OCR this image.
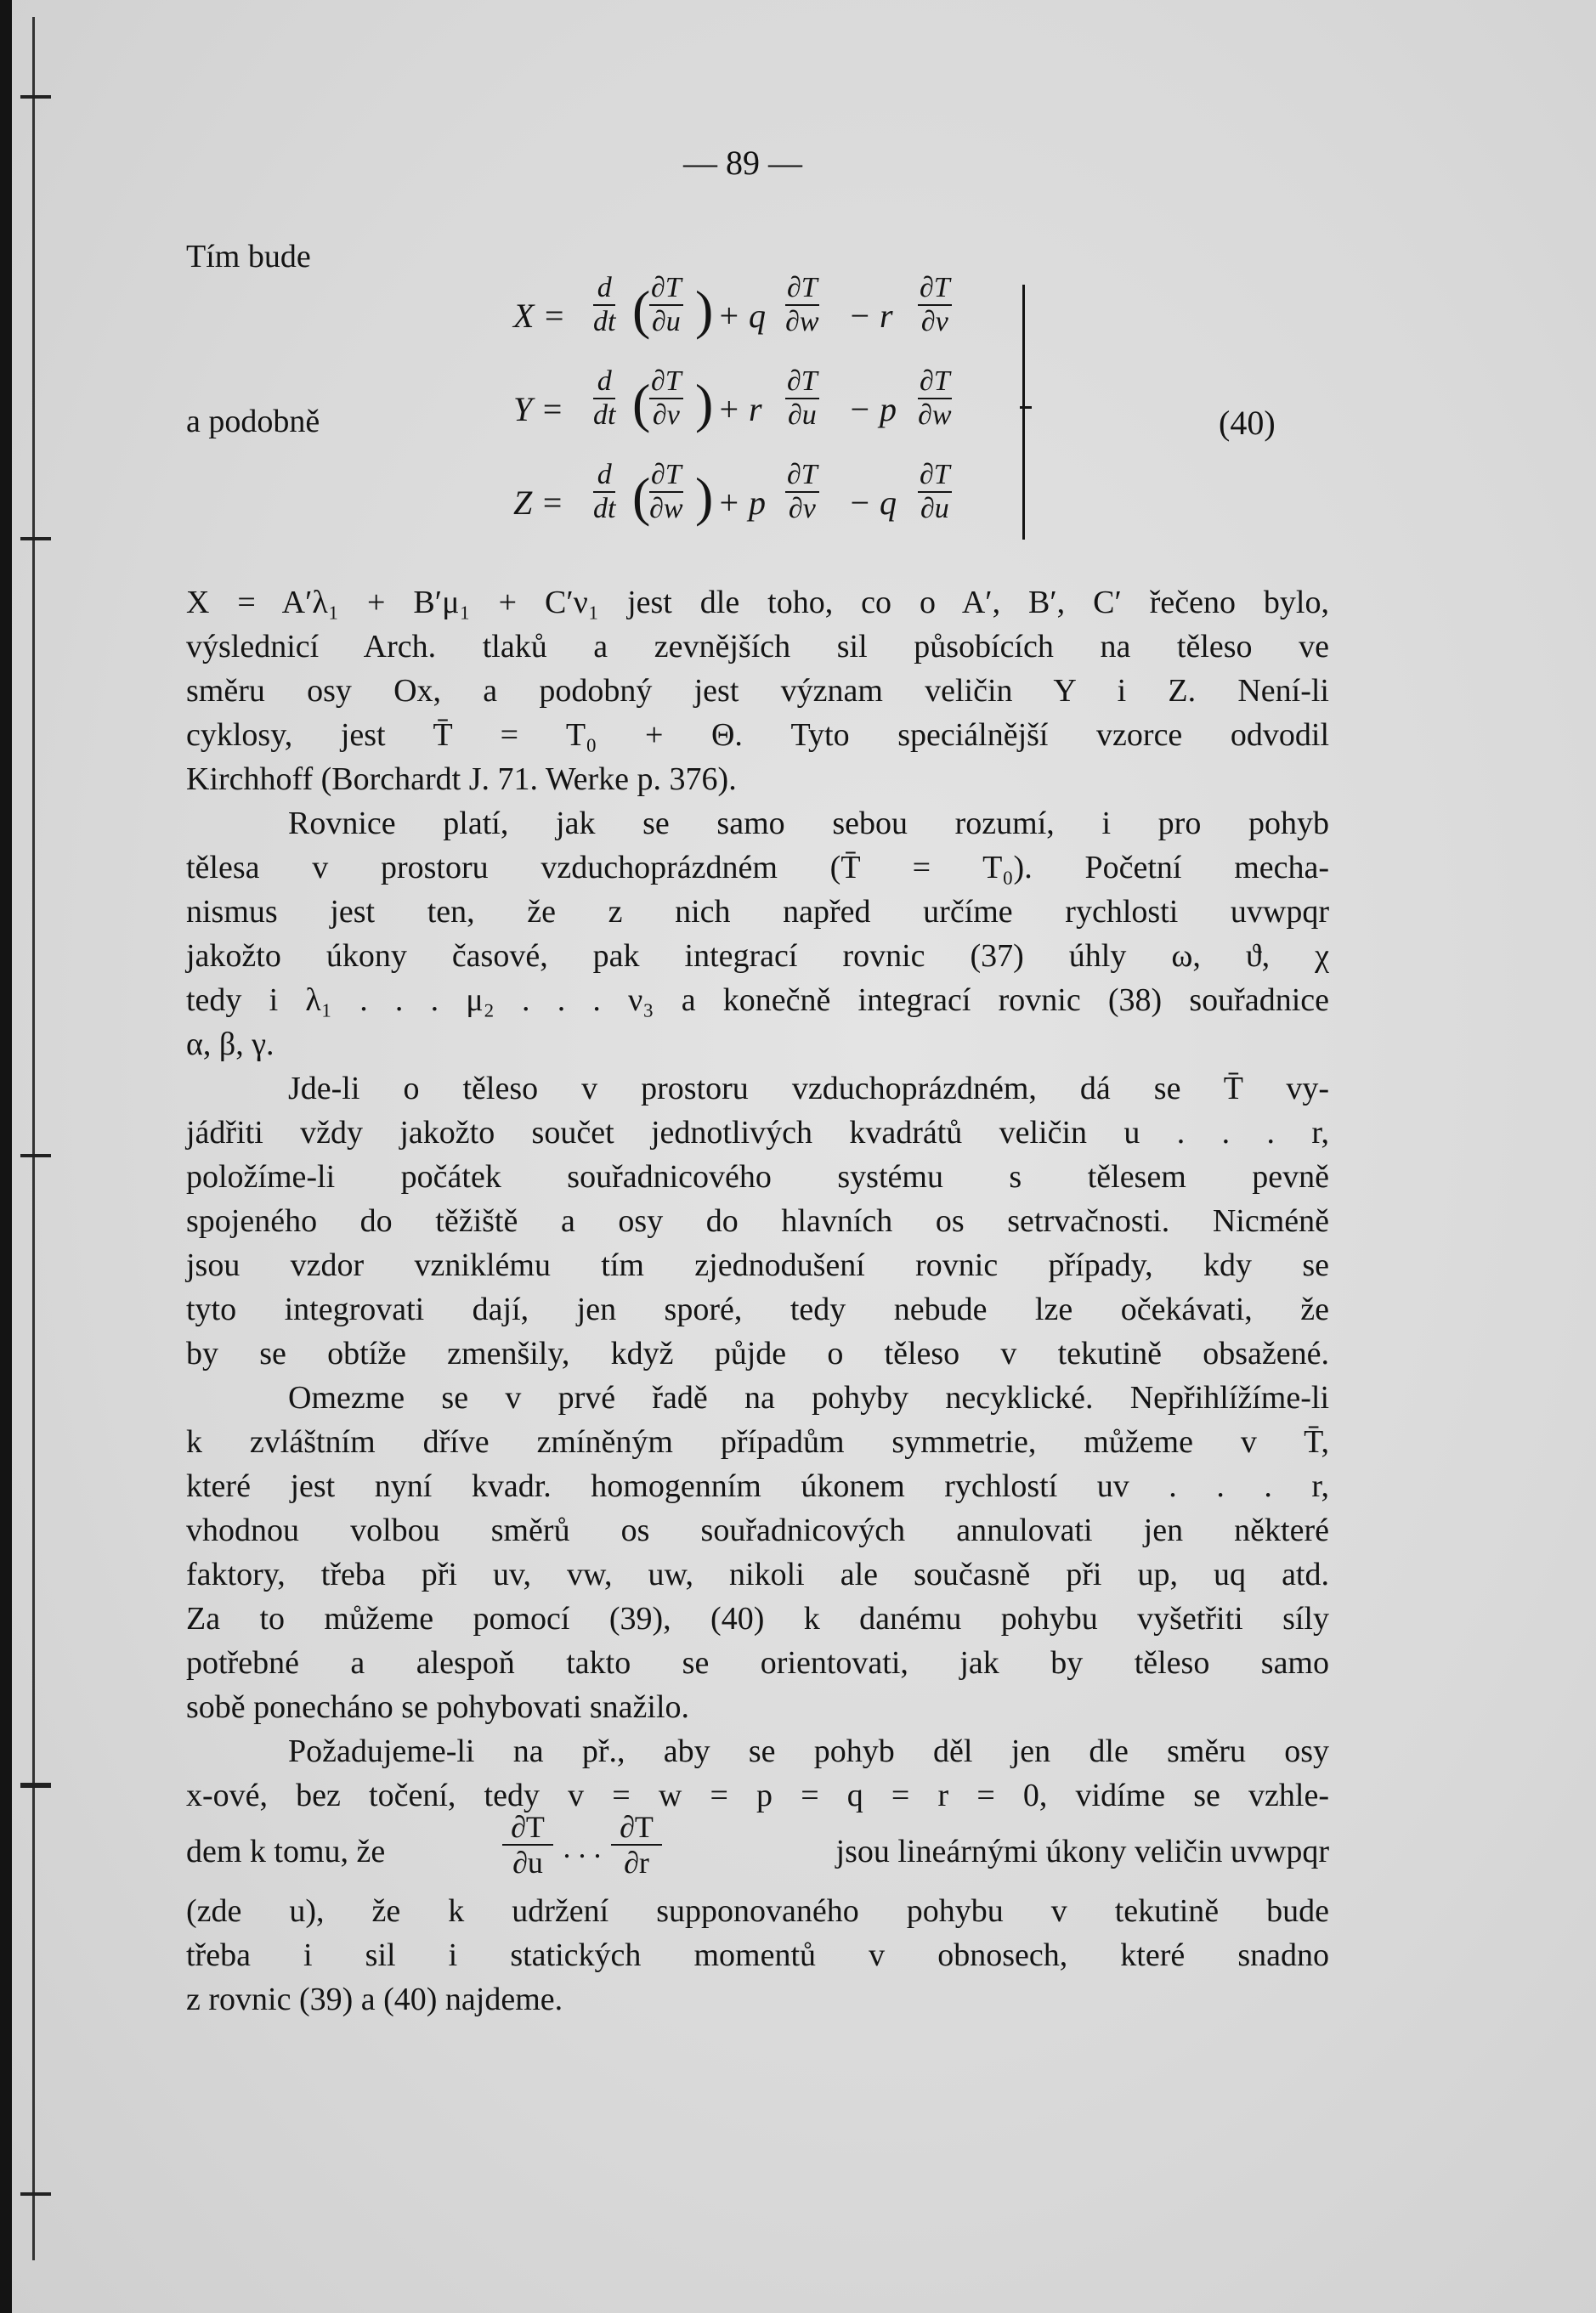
— 89 —
Tím bude
a podobně
$X = \frac{d}{dt}$ (
$\frac{\partial T}{\partial u}$ ) + q $\frac{\partial T}{\partial w} - r \frac{\partial T}{\partial v}$
$Y = \frac{d}{dt}$ (
$\frac{\partial T}{\partial v}$ ) + r $\frac{\partial T}{\partial u} - p \frac{\partial T}{\partial w}$
$Z = \frac{d}{dt}$ (
$\frac{\partial T}{\partial w}$ ) + p $\frac{\partial T}{\partial v} - q \frac{\partial T}{\partial u}$
(40)
X = A′λ₁ + B′μ₁ + C′ν₁ jest dle toho, co o A′, B′, C′ řečeno bylo,
výslednicí Arch. tlaků a zevnějších sil působících na těleso ve
směru osy Ox, a podobný jest význam veličin Y i Z. Není-li
cyklosy, jest T̄ = T₀ + Θ. Tyto speciálnější vzorce odvodil
Kirchhoff (Borchardt J. 71. Werke p. 376).
Rovnice platí, jak se samo sebou rozumí, i pro pohyb
tělesa v prostoru vzduchoprázdném (T̄ = T₀). Početní mecha-
nismus jest ten, že z nich napřed určíme rychlosti uvwpqr
jakožto úkony časové, pak integrací rovnic (37) úhly ω, ϑ, χ
tedy i λ₁ . . . μ₂ . . . ν₃ a konečně integrací rovnic (38) souřadnice
α, β, γ.
Jde-li o těleso v prostoru vzduchoprázdném, dá se T̄ vy-
jádřiti vždy jakožto součet jednotlivých kvadrátů veličin u . . . r,
položíme-li počátek souřadnicového systému s tělesem pevně
spojeného do těžiště a osy do hlavních os setrvačnosti. Nicméně
jsou vzdor vzniklému tím zjednodušení rovnic případy, kdy se
tyto integrovati dají, jen sporé, tedy nebude lze očekávati, že
by se obtíže zmenšily, když půjde o těleso v tekutině obsažené.
Omezme se v prvé řadě na pohyby necyklické. Nepřihlížíme-li
k zvláštním dříve zmíněným případům symmetrie, můžeme v T̄,
které jest nyní kvadr. homogenním úkonem rychlostí uv . . . r,
vhodnou volbou směrů os souřadnicových annulovati jen některé
faktory, třeba při uv, vw, uw, nikoli ale současně při up, uq atd.
Za to můžeme pomocí (39), (40) k danému pohybu vyšetřiti síly
potřebné a alespoň takto se orientovati, jak by těleso samo
sobě ponecháno se pohybovati snažilo.
Požadujeme-li na př., aby se pohyb děl jen dle směru osy
x-ové, bez točení, tedy v = w = p = q = r = 0, vidíme se vzhle-
dem k tomu, že	$\frac{\partial T}{\partial u}$ . . . $\frac{\partial T}{\partial r}$	jsou lineárnými úkony veličin uvwpqr
(zde u), že k udržení supponovaného pohybu v tekutině bude
třeba i sil i statických momentů v obnosech, které snadno
z rovnic (39) a (40) najdeme.
